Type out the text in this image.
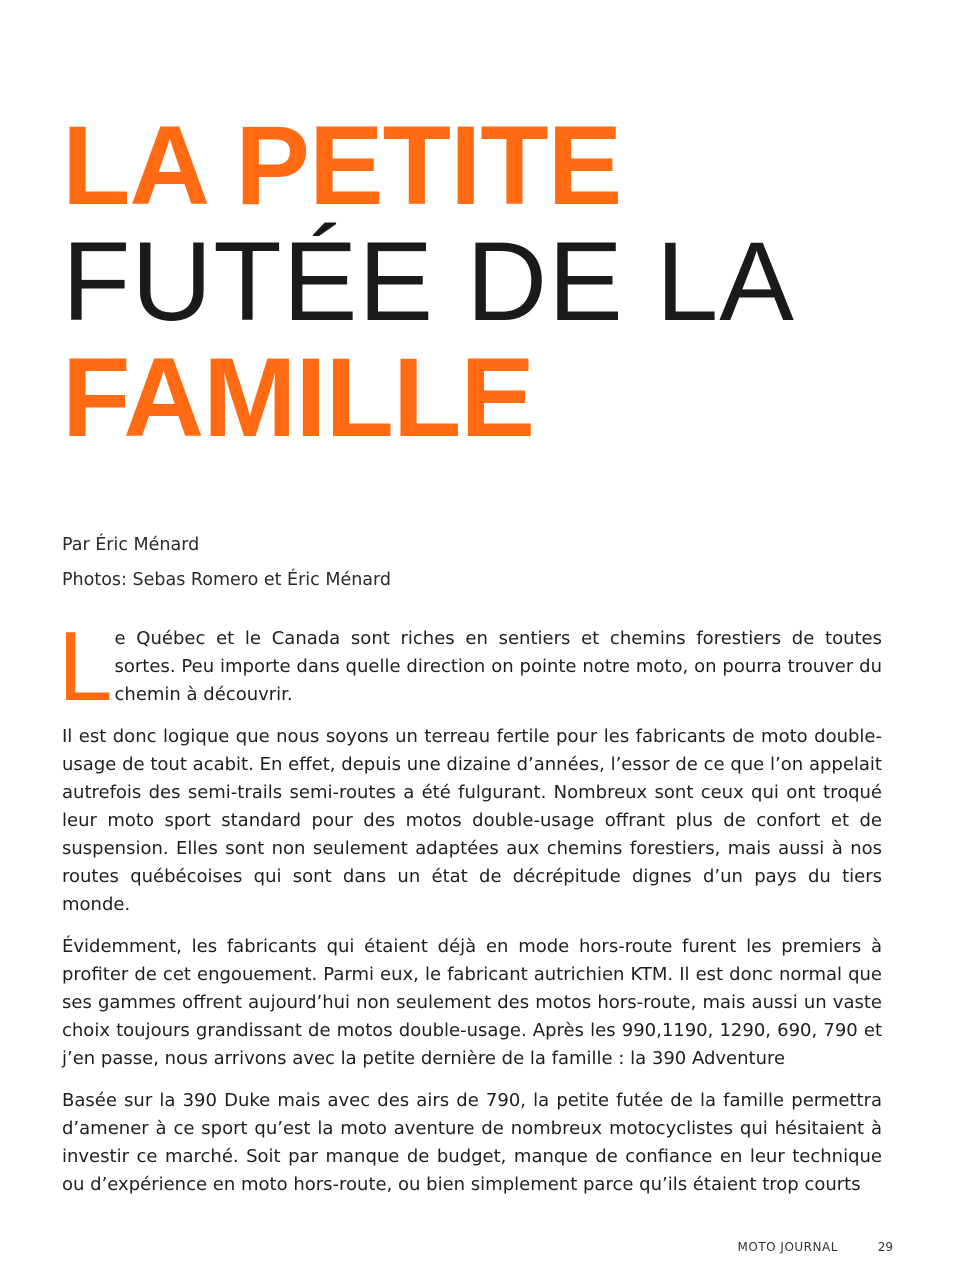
LA PETITE
FUTÉE DE LA
FAMILLE
Par Éric Ménard
Photos: Sebas Romero et Éric Ménard

Le Québec et le Canada sont riches en sentiers et chemins forestiers de toutes sortes. Peu importe dans quelle direction on pointe notre moto, on pourra trouver du chemin à découvrir.

Il est donc logique que nous soyons un terreau fertile pour les fabricants de moto double-usage de tout acabit. En effet, depuis une dizaine d’années, l’essor de ce que l’on appelait autrefois des semi-trails semi-routes a été fulgurant. Nombreux sont ceux qui ont troqué leur moto sport standard pour des motos double-usage offrant plus de confort et de suspension. Elles sont non seulement adaptées aux chemins forestiers, mais aussi à nos routes québécoises qui sont dans un état de décrépitude dignes d’un pays du tiers monde.

Évidemment, les fabricants qui étaient déjà en mode hors-route furent les premiers à profiter de cet engouement. Parmi eux, le fabricant autrichien KTM. Il est donc normal que ses gammes offrent aujourd’hui non seulement des motos hors-route, mais aussi un vaste choix toujours grandissant de motos double-usage. Après les 990,1190, 1290, 690, 790 et j’en passe, nous arrivons avec la petite dernière de la famille : la 390 Adventure

Basée sur la 390 Duke mais avec des airs de 790, la petite futée de la famille permettra d’amener à ce sport qu’est la moto aventure de nombreux motocyclistes qui hésitaient à investir ce marché. Soit par manque de budget, manque de confiance en leur technique ou d’expérience en moto hors-route, ou bien simplement parce qu’ils étaient trop courts

MOTO JOURNAL	29
